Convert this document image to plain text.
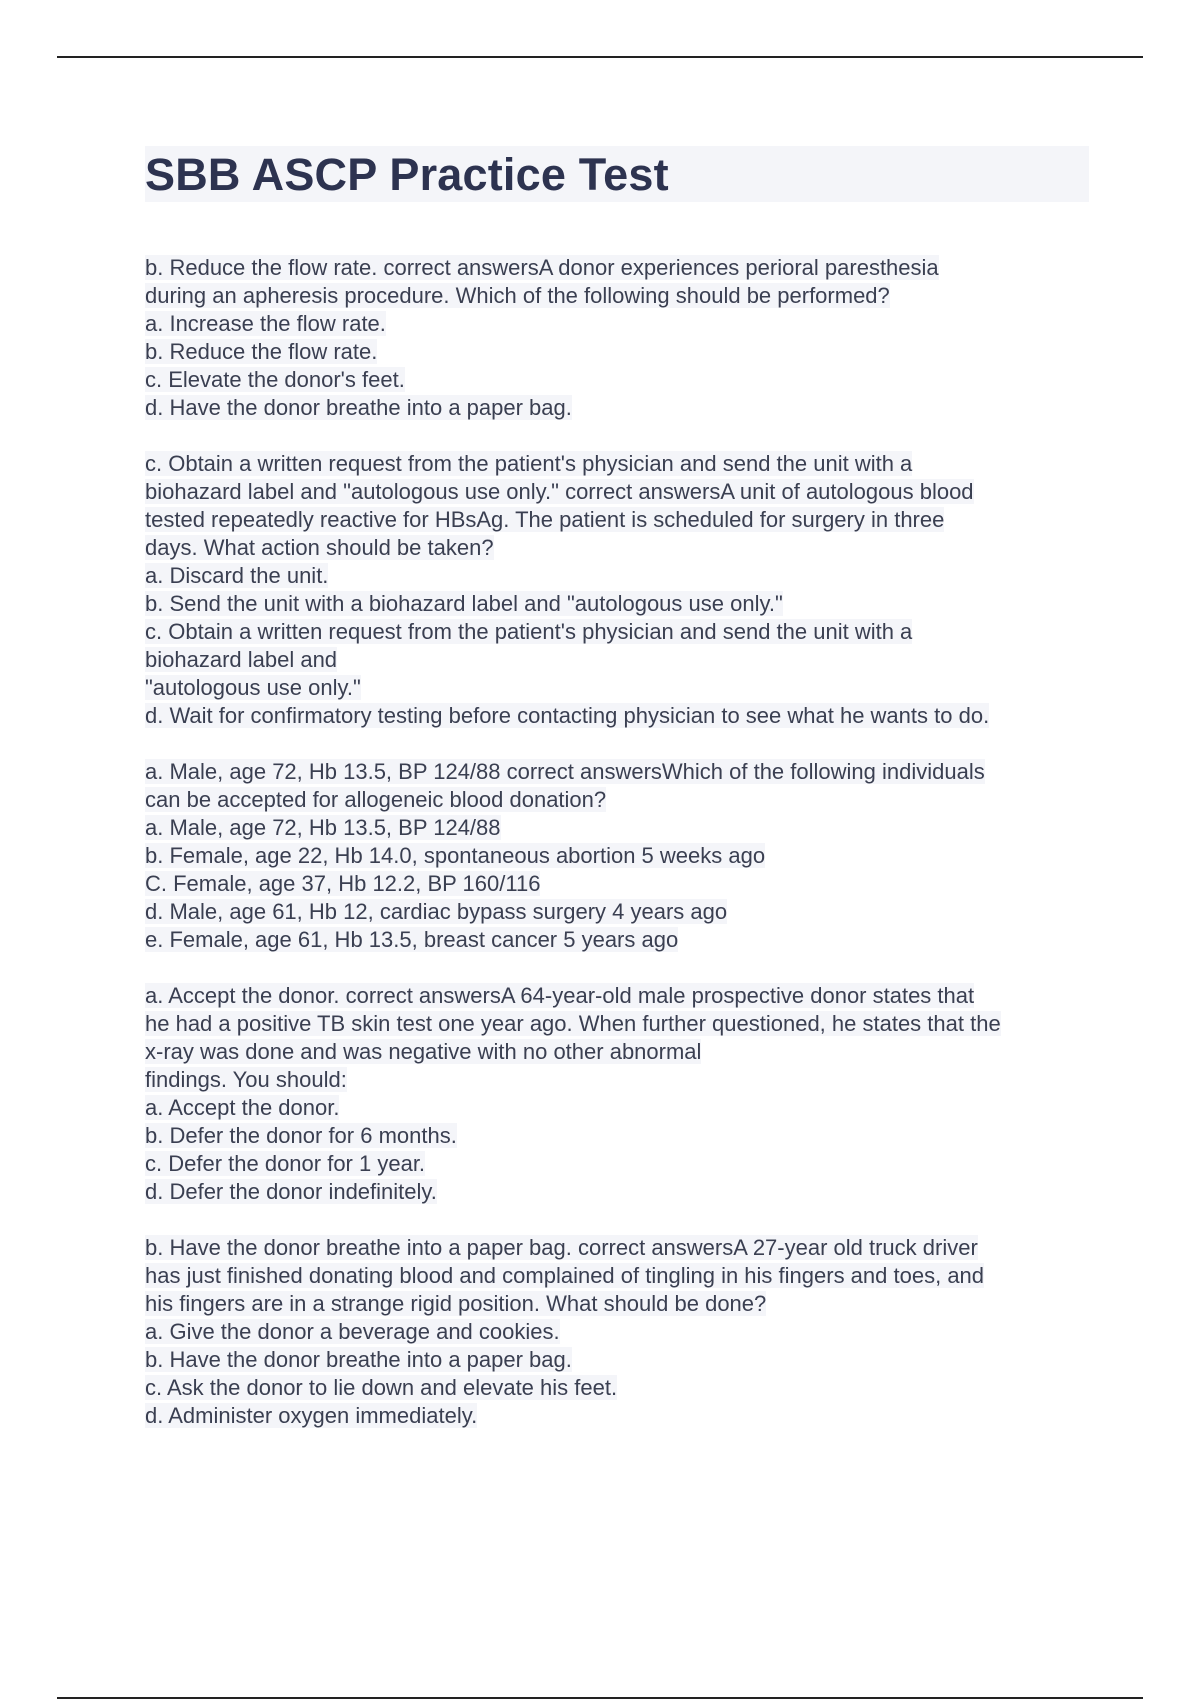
SBB ASCP Practice Test
b. Reduce the flow rate. correct answersA donor experiences perioral paresthesia
during an apheresis procedure. Which of the following should be performed?
a. Increase the flow rate.
b. Reduce the flow rate.
c. Elevate the donor's feet.
d. Have the donor breathe into a paper bag.
c. Obtain a written request from the patient's physician and send the unit with a
biohazard label and "autologous use only." correct answersA unit of autologous blood
tested repeatedly reactive for HBsAg. The patient is scheduled for surgery in three
days. What action should be taken?
a. Discard the unit.
b. Send the unit with a biohazard label and "autologous use only."
c. Obtain a written request from the patient's physician and send the unit with a
biohazard label and
"autologous use only."
d. Wait for confirmatory testing before contacting physician to see what he wants to do.
a. Male, age 72, Hb 13.5, BP 124/88 correct answersWhich of the following individuals
can be accepted for allogeneic blood donation?
a. Male, age 72, Hb 13.5, BP 124/88
b. Female, age 22, Hb 14.0, spontaneous abortion 5 weeks ago
C. Female, age 37, Hb 12.2, BP 160/116
d. Male, age 61, Hb 12, cardiac bypass surgery 4 years ago
e. Female, age 61, Hb 13.5, breast cancer 5 years ago
a. Accept the donor. correct answersA 64-year-old male prospective donor states that
he had a positive TB skin test one year ago. When further questioned, he states that the
x-ray was done and was negative with no other abnormal
findings. You should:
a. Accept the donor.
b. Defer the donor for 6 months.
c. Defer the donor for 1 year.
d. Defer the donor indefinitely.
b. Have the donor breathe into a paper bag. correct answersA 27-year old truck driver
has just finished donating blood and complained of tingling in his fingers and toes, and
his fingers are in a strange rigid position. What should be done?
a. Give the donor a beverage and cookies.
b. Have the donor breathe into a paper bag.
c. Ask the donor to lie down and elevate his feet.
d. Administer oxygen immediately.
